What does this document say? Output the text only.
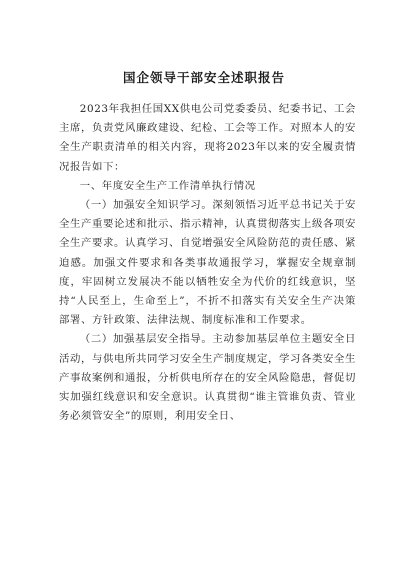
国企领导干部安全述职报告

2023年我担任国XX供电公司党委委员、纪委书记、工会主席，负责党风廉政建设、纪检、工会等工作。对照本人的安全生产职责清单的相关内容，现将2023年以来的安全履责情况报告如下：

一、年度安全生产工作清单执行情况

（一）加强安全知识学习。深刻领悟习近平总书记关于安全生产重要论述和批示、指示精神，认真贯彻落实上级各项安全生产要求。认真学习、自觉增强安全风险防范的责任感、紧迫感。加强文件要求和各类事故通报学习，掌握安全规章制度，牢固树立发展决不能以牺牲安全为代价的红线意识，坚持“人民至上，生命至上”，不折不扣落实有关安全生产决策部署、方针政策、法律法规、制度标准和工作要求。

（二）加强基层安全指导。主动参加基层单位主题安全日活动，与供电所共同学习安全生产制度规定，学习各类安全生产事故案例和通报，分析供电所存在的安全风险隐患，督促切实加强红线意识和安全意识。认真贯彻“谁主管谁负责、管业务必须管安全”的原则，利用安全日、
